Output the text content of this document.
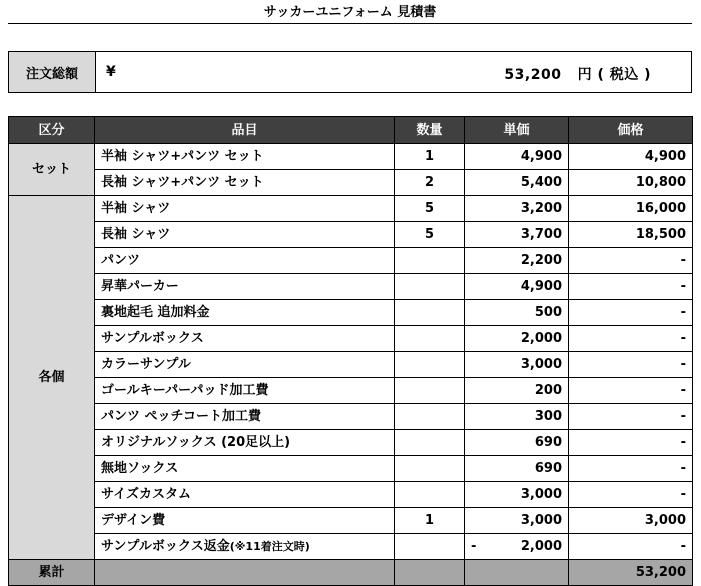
サッカーユニフォーム 見積書
注文総額	¥	53,200 円 ( 税込 )
区分	品目	数量	単価	価格
セット	半袖 シャツ+パンツ セット	1	4,900	4,900
	長袖 シャツ+パンツ セット	2	5,400	10,800
各個	半袖 シャツ	5	3,200	16,000
	長袖 シャツ	5	3,700	18,500
	パンツ		2,200	-
	昇華パーカー		4,900	-
	裏地起毛 追加料金		500	-
	サンプルボックス		2,000	-
	カラーサンプル		3,000	-
	ゴールキーパーパッド加工費		200	-
	パンツ ペッチコート加工費		300	-
	オリジナルソックス (20足以上)		690	-
	無地ソックス		690	-
	サイズカスタム		3,000	-
	デザイン費	1	3,000	3,000
	サンプルボックス返金(※11着注文時)		- 2,000	-
累計				53,200
